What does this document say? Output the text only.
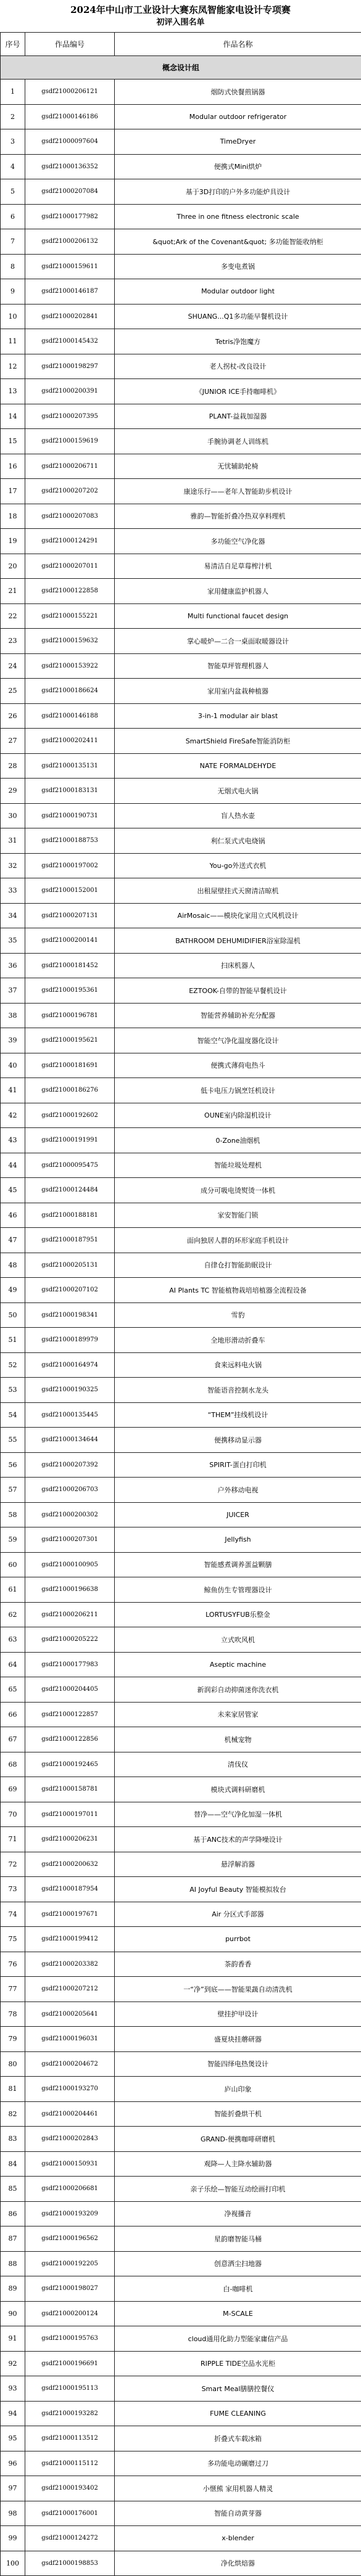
2024年中山市工业设计大赛东凤智能家电设计专项赛
初评入围名单
序号	作品编号	作品名称
概念设计组		
1	gsdf21000206121	烟防式快餐煎锅器
2	gsdf21000146186	Modular outdoor refrigerator
3	gsdf21000097604	TimeDryer
4	gsdf21000136352	便携式Mini烘炉
5	gsdf21000207084	基于3D打印的户外多功能炉具设计
6	gsdf21000177982	Three in one fitness electronic scale
7	gsdf21000206132	&quot;Ark of the Covenant&quot; 多功能智能收纳柜
8	gsdf21000159611	多变电煮锅
9	gsdf21000146187	Modular outdoor light
10	gsdf21000202841	SHUANG...Q1多功能早餐机设计
11	gsdf21000145432	Tetris净饱魔方
12	gsdf21000198297	老人拐杖-改良设计
13	gsdf21000200391	《JUNIOR ICE手持咖啡机》
14	gsdf21000207395	PLANT-益栽加湿器
15	gsdf21000159619	手腕协调老人训练机
16	gsdf21000206711	无忧辅助轮椅
17	gsdf21000207202	康途乐行——老年人智能助步机设计
18	gsdf21000207083	雅韵—智能折叠冷热双享料理机
19	gsdf21000124291	多功能空气净化器
20	gsdf21000207011	易清洁自足草莓榨汁机
21	gsdf21000122858	家用健康监护机器人
22	gsdf21000155221	Multi functional faucet design
23	gsdf21000159632	掌心暖炉—二合一桌面取暖器设计
24	gsdf21000153922	智能草坪管理机器人
25	gsdf21000186624	家用室内盆栽种植器
26	gsdf21000146188	3-in-1 modular air blast
27	gsdf21000202411	SmartShield FireSafe智能消防柜
28	gsdf21000135131	NATE FORMALDEHYDE
29	gsdf21000183131	无烟式电火锅
30	gsdf21000190731	盲人热水壶
31	gsdf21000188753	利仁泵式式电烧锅
32	gsdf21000197002	You-go外送式衣机
33	gsdf21000152001	出租屋壁挂式天窗清洁晾机
34	gsdf21000207131	AirMosaic——模块化家用立式风机设计
35	gsdf21000200141	BATHROOM DEHUMIDIFIER浴室除湿机
36	gsdf21000181452	扫床机器人
37	gsdf21000195361	EZTOOK-自带的智能早餐机设计
38	gsdf21000196781	智能营养辅助补充分配器
39	gsdf21000195621	智能空气净化温度器化设计
40	gsdf21000181691	便携式薄荷电热斗
41	gsdf21000186276	低卡电压力锅烹饪机设计
42	gsdf21000192602	OUNE室内除湿机设计
43	gsdf21000191991	0-Zone油烟机
44	gsdf21000095475	智能垃圾处理机
45	gsdf21000124484	成分可吸电烫熨烫一体机
46	gsdf21000188181	家安智能门锁
47	gsdf21000187951	面向独居人群的环形家庭手机设计
48	gsdf21000205131	自律仓打智能助眠设计
49	gsdf21000207102	AI Plants TC 智能植物栽培培植器全流程设备
50	gsdf21000198341	雪豹
51	gsdf21000189979	全地形滑动折叠车
52	gsdf21000164974	食来远料电火锅
53	gsdf21000190325	智能语音控制水龙头
54	gsdf21000135445	“THEM”挂线机设计
55	gsdf21000134644	便携移动显示器
56	gsdf21000207392	SPIRIT-蛋白打印机
57	gsdf21000206703	户外移动电视
58	gsdf21000200302	JUICER
59	gsdf21000207301	Jellyfish
60	gsdf21000100905	智能感煮调养蛋益颗膳
61	gsdf21000196638	鲸鱼仿生专管理器设计
62	gsdf21000206211	LORTUSYFUB乐整金
63	gsdf21000205222	立式吹风机
64	gsdf21000177983	Aseptic machine
65	gsdf21000204405	新润彩自动抑菌迷你洗衣机
66	gsdf21000122857	未来家居管家
67	gsdf21000122856	机械宠物
68	gsdf21000192465	清伐仪
69	gsdf21000158781	模块式调料研磨机
70	gsdf21000197011	替净——空气净化加湿一体机
71	gsdf21000206231	基于ANC技术的声学降噪设计
72	gsdf21000200632	悬浮解消器
73	gsdf21000187954	AI Joyful Beauty 智能模拟妆台
74	gsdf21000197671	Air 分区式手部器
75	gsdf21000199412	purrbot
76	gsdf21000203382	茶韵香香
77	gsdf21000207212	一“净”到底——智能果蔬自动清洗机
78	gsdf21000205641	壁挂护甲设计
79	gsdf21000196031	盛夏块挂蘑研器
80	gsdf21000204672	智能四绎电热煲设计
81	gsdf21000193270	庐山印象
82	gsdf21000204461	智能折叠烘干机
83	gsdf21000202843	GRAND-便携咖啡研磨机
84	gsdf21000150931	观降—人主降水辅助器
85	gsdf21000206681	亲子乐绘—智能互动绘画打印机
86	gsdf21000193209	净视播音
87	gsdf21000196562	星韵磨智能马桶
88	gsdf21000192205	创意洒尘扫地器
89	gsdf21000198027	白-咖啡机
90	gsdf21000200124	M-SCALE
91	gsdf21000195763	cloud通用化助力型能家庸信产品
92	gsdf21000196691	RIPPLE TIDE空品水光柜
93	gsdf21000195113	Smart Meal膳膳控餐仪
94	gsdf21000193282	FUME CLEANING
95	gsdf21000113512	折叠式车载冰箱
96	gsdf21000115112	多功能电动碾磨过刀
97	gsdf21000193402	小惬熊 家用机器人精灵
98	gsdf21000176001	智能自动黄芽器
99	gsdf21000124272	x-blender
100	gsdf21000198853	净化烘焙器
